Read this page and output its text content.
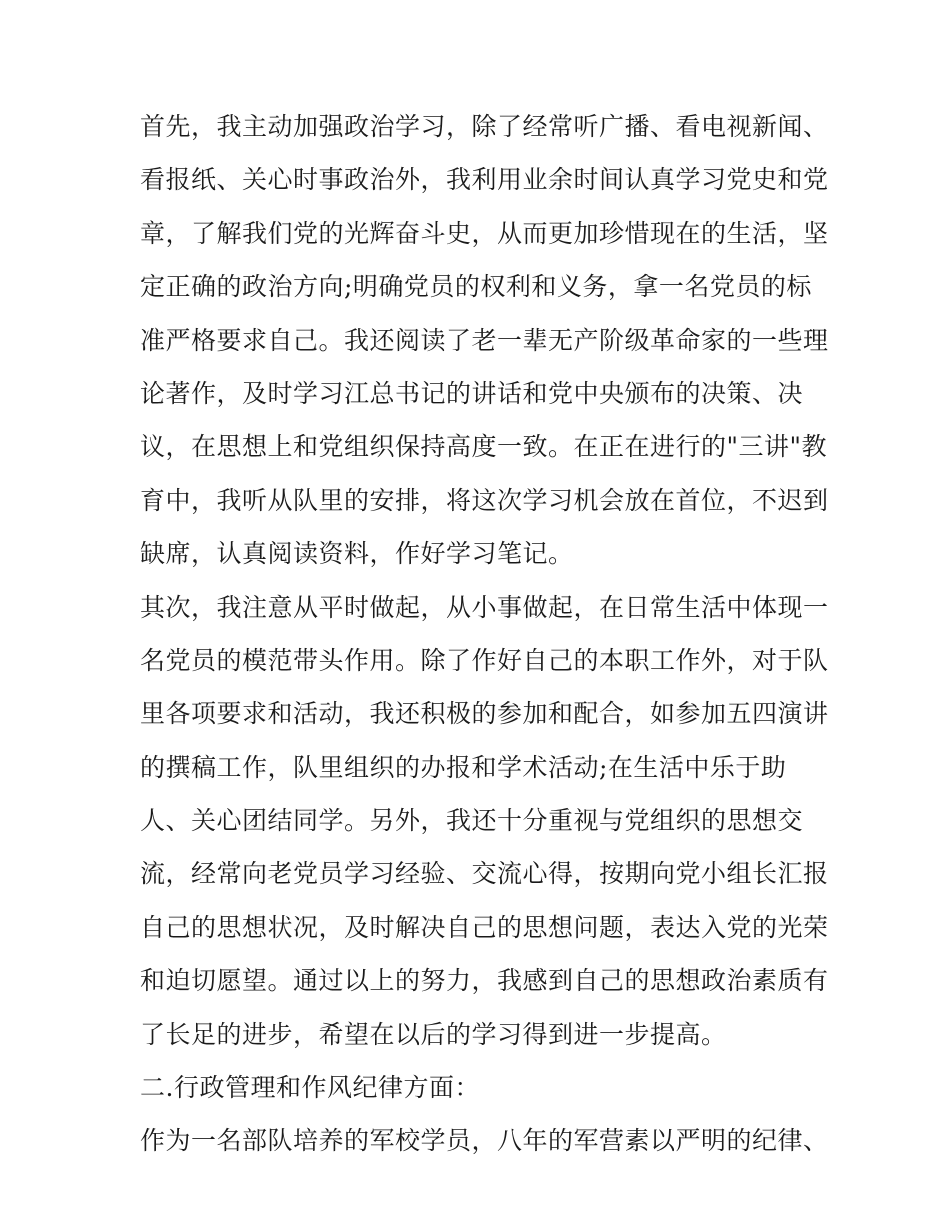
首先，我主动加强政治学习，除了经常听广播、看电视新闻、
看报纸、关心时事政治外，我利用业余时间认真学习党史和党
章，了解我们党的光辉奋斗史，从而更加珍惜现在的生活，坚
定正确的政治方向;明确党员的权利和义务，拿一名党员的标
准严格要求自己。我还阅读了老一辈无产阶级革命家的一些理
论著作，及时学习江总书记的讲话和党中央颁布的决策、决
议，在思想上和党组织保持高度一致。在正在进行的"三讲"教
育中，我听从队里的安排，将这次学习机会放在首位，不迟到
缺席，认真阅读资料，作好学习笔记。
其次，我注意从平时做起，从小事做起，在日常生活中体现一
名党员的模范带头作用。除了作好自己的本职工作外，对于队
里各项要求和活动，我还积极的参加和配合，如参加五四演讲
的撰稿工作，队里组织的办报和学术活动;在生活中乐于助
人、关心团结同学。另外，我还十分重视与党组织的思想交
流，经常向老党员学习经验、交流心得，按期向党小组长汇报
自己的思想状况，及时解决自己的思想问题，表达入党的光荣
和迫切愿望。通过以上的努力，我感到自己的思想政治素质有
了长足的进步，希望在以后的学习得到进一步提高。
二.行政管理和作风纪律方面：
作为一名部队培养的军校学员，八年的军营素以严明的纪律、
